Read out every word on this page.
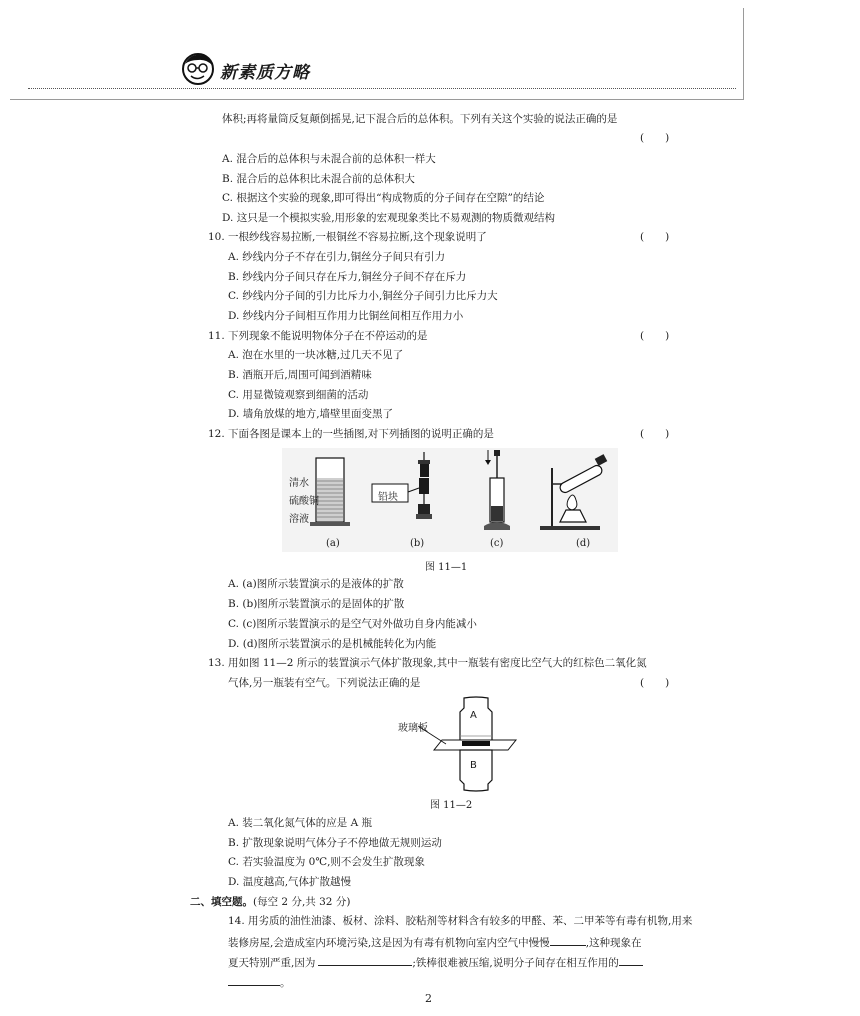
新素质方略
体积;再将量筒反复颠倒摇晃,记下混合后的总体积。下列有关这个实验的说法正确的是
(　　)
A. 混合后的总体积与未混合前的总体积一样大
B. 混合后的总体积比未混合前的总体积大
C. 根据这个实验的现象,即可得出“构成物质的分子间存在空隙”的结论
D. 这只是一个模拟实验,用形象的宏观现象类比不易观测的物质微观结构
10. 一根纱线容易拉断,一根铜丝不容易拉断,这个现象说明了	(　　)
A. 纱线内分子不存在引力,铜丝分子间只有引力
B. 纱线内分子间只存在斥力,铜丝分子间不存在斥力
C. 纱线内分子间的引力比斥力小,铜丝分子间引力比斥力大
D. 纱线内分子间相互作用力比铜丝间相互作用力小
11. 下列现象不能说明物体分子在不停运动的是	(　　)
A. 泡在水里的一块冰糖,过几天不见了
B. 酒瓶开后,周围可闻到酒精味
C. 用显微镜观察到细菌的活动
D. 墙角放煤的地方,墙壁里面变黑了
12. 下面各图是课本上的一些插图,对下列插图的说明正确的是	(　　)
清水
硫酸铜
溶液
铅块
(a)	(b)	(c)	(d)
图 11—1
A. (a)图所示装置演示的是液体的扩散
B. (b)图所示装置演示的是固体的扩散
C. (c)图所示装置演示的是空气对外做功自身内能减小
D. (d)图所示装置演示的是机械能转化为内能
13. 用如图 11—2 所示的装置演示气体扩散现象,其中一瓶装有密度比空气大的红棕色二氧化氮
气体,另一瓶装有空气。下列说法正确的是	(　　)
玻璃板
A
B
图 11—2
A. 装二氧化氮气体的应是 A 瓶
B. 扩散现象说明气体分子不停地做无规则运动
C. 若实验温度为 0℃,则不会发生扩散现象
D. 温度越高,气体扩散越慢
二、填空题。(每空 2 分,共 32 分)
14. 用劣质的油性油漆、板材、涂料、胶粘剂等材料含有较多的甲醛、苯、二甲苯等有毒有机物,用来
装修房屋,会造成室内环境污染,这是因为有毒有机物向室内空气中慢慢	,这种现象在
夏天特别严重,因为	;铁棒很难被压缩,说明分子间存在相互作用的
。
2
